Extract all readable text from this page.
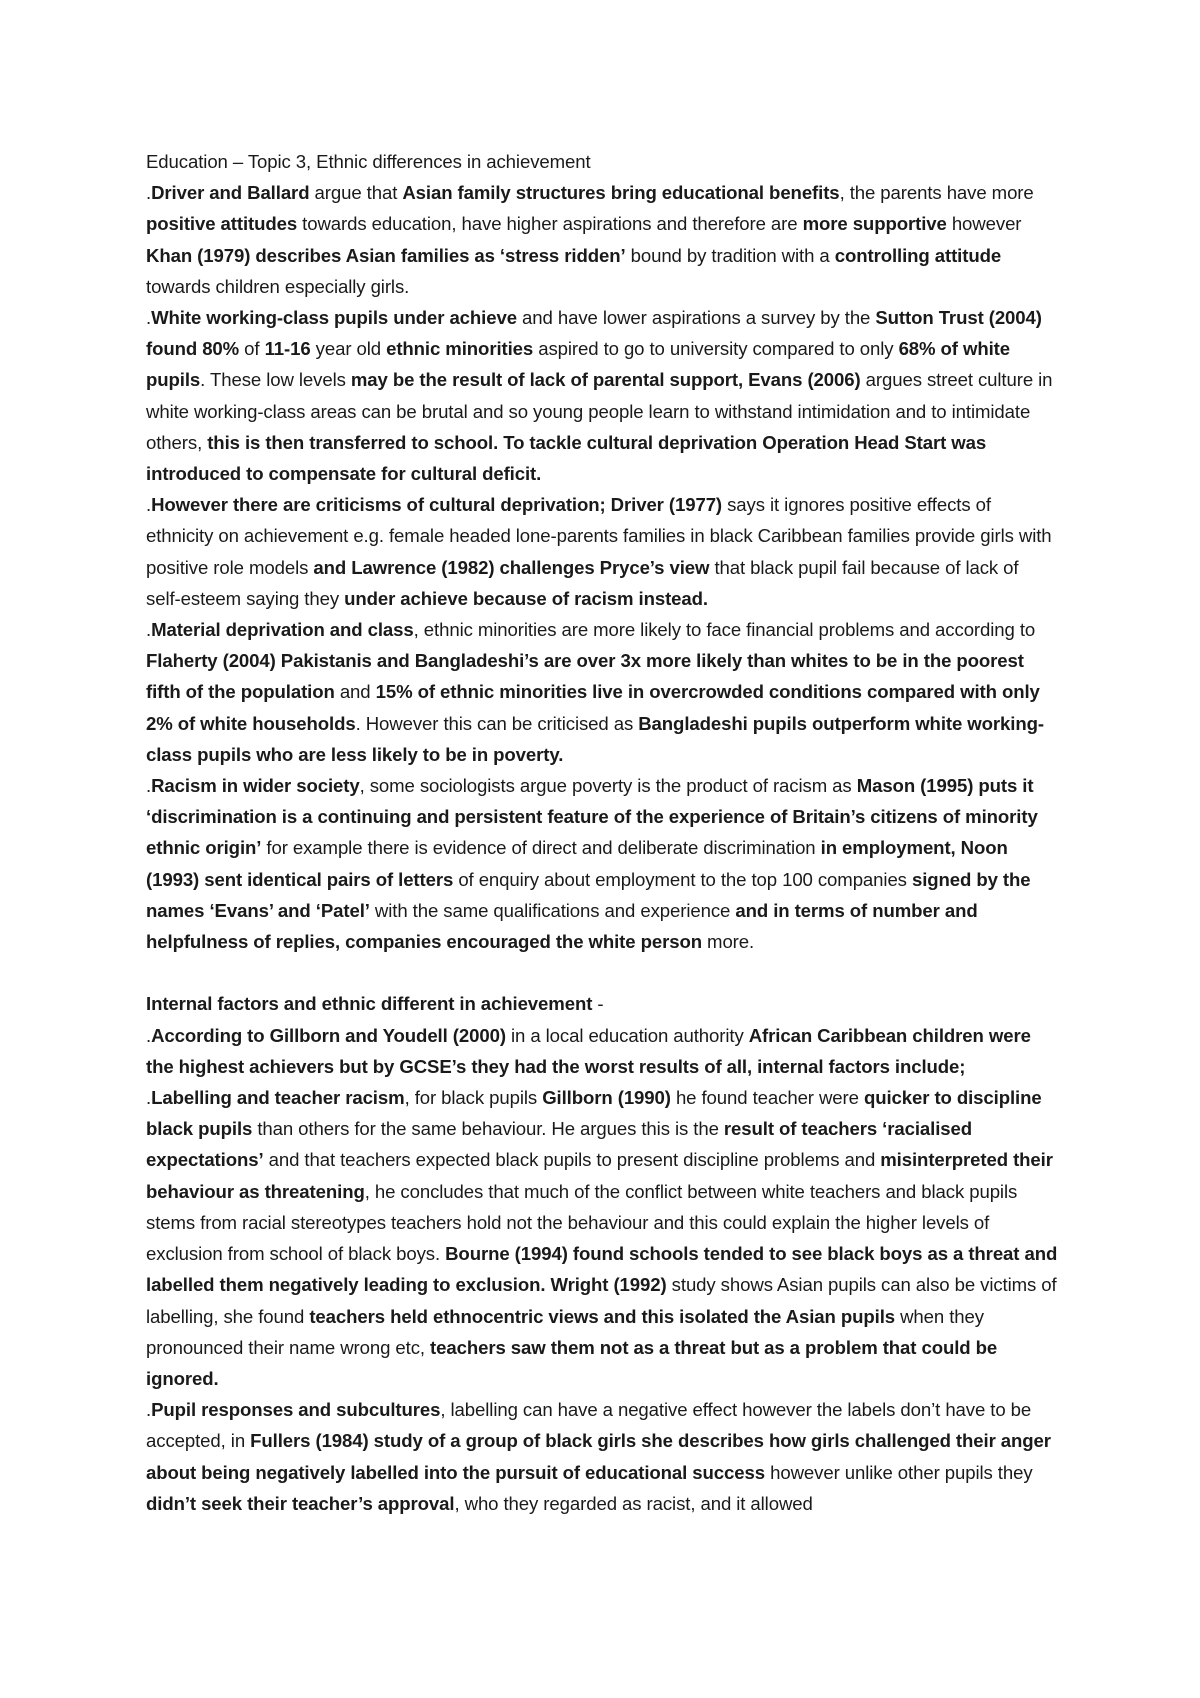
Education – Topic 3, Ethnic differences in achievement

.Driver and Ballard argue that Asian family structures bring educational benefits, the parents have more positive attitudes towards education, have higher aspirations and therefore are more supportive however Khan (1979) describes Asian families as ‘stress ridden’ bound by tradition with a controlling attitude towards children especially girls.

.White working-class pupils under achieve and have lower aspirations a survey by the Sutton Trust (2004) found 80% of 11-16 year old ethnic minorities aspired to go to university compared to only 68% of white pupils. These low levels may be the result of lack of parental support, Evans (2006) argues street culture in white working-class areas can be brutal and so young people learn to withstand intimidation and to intimidate others, this is then transferred to school. To tackle cultural deprivation Operation Head Start was introduced to compensate for cultural deficit.

.However there are criticisms of cultural deprivation; Driver (1977) says it ignores positive effects of ethnicity on achievement e.g. female headed lone-parents families in black Caribbean families provide girls with positive role models and Lawrence (1982) challenges Pryce’s view that black pupil fail because of lack of self-esteem saying they under achieve because of racism instead.

.Material deprivation and class, ethnic minorities are more likely to face financial problems and according to Flaherty (2004) Pakistanis and Bangladeshi’s are over 3x more likely than whites to be in the poorest fifth of the population and 15% of ethnic minorities live in overcrowded conditions compared with only 2% of white households. However this can be criticised as Bangladeshi pupils outperform white working-class pupils who are less likely to be in poverty.

.Racism in wider society, some sociologists argue poverty is the product of racism as Mason (1995) puts it ‘discrimination is a continuing and persistent feature of the experience of Britain’s citizens of minority ethnic origin’ for example there is evidence of direct and deliberate discrimination in employment, Noon (1993) sent identical pairs of letters of enquiry about employment to the top 100 companies signed by the names ‘Evans’ and ‘Patel’ with the same qualifications and experience and in terms of number and helpfulness of replies, companies encouraged the white person more.

Internal factors and ethnic different in achievement -

.According to Gillborn and Youdell (2000) in a local education authority African Caribbean children were the highest achievers but by GCSE’s they had the worst results of all, internal factors include;

.Labelling and teacher racism, for black pupils Gillborn (1990) he found teacher were quicker to discipline black pupils than others for the same behaviour. He argues this is the result of teachers ‘racialised expectations’ and that teachers expected black pupils to present discipline problems and misinterpreted their behaviour as threatening, he concludes that much of the conflict between white teachers and black pupils stems from racial stereotypes teachers hold not the behaviour and this could explain the higher levels of exclusion from school of black boys. Bourne (1994) found schools tended to see black boys as a threat and labelled them negatively leading to exclusion. Wright (1992) study shows Asian pupils can also be victims of labelling, she found teachers held ethnocentric views and this isolated the Asian pupils when they pronounced their name wrong etc, teachers saw them not as a threat but as a problem that could be ignored.

.Pupil responses and subcultures, labelling can have a negative effect however the labels don’t have to be accepted, in Fullers (1984) study of a group of black girls she describes how girls challenged their anger about being negatively labelled into the pursuit of educational success however unlike other pupils they didn’t seek their teacher’s approval, who they regarded as racist, and it allowed
